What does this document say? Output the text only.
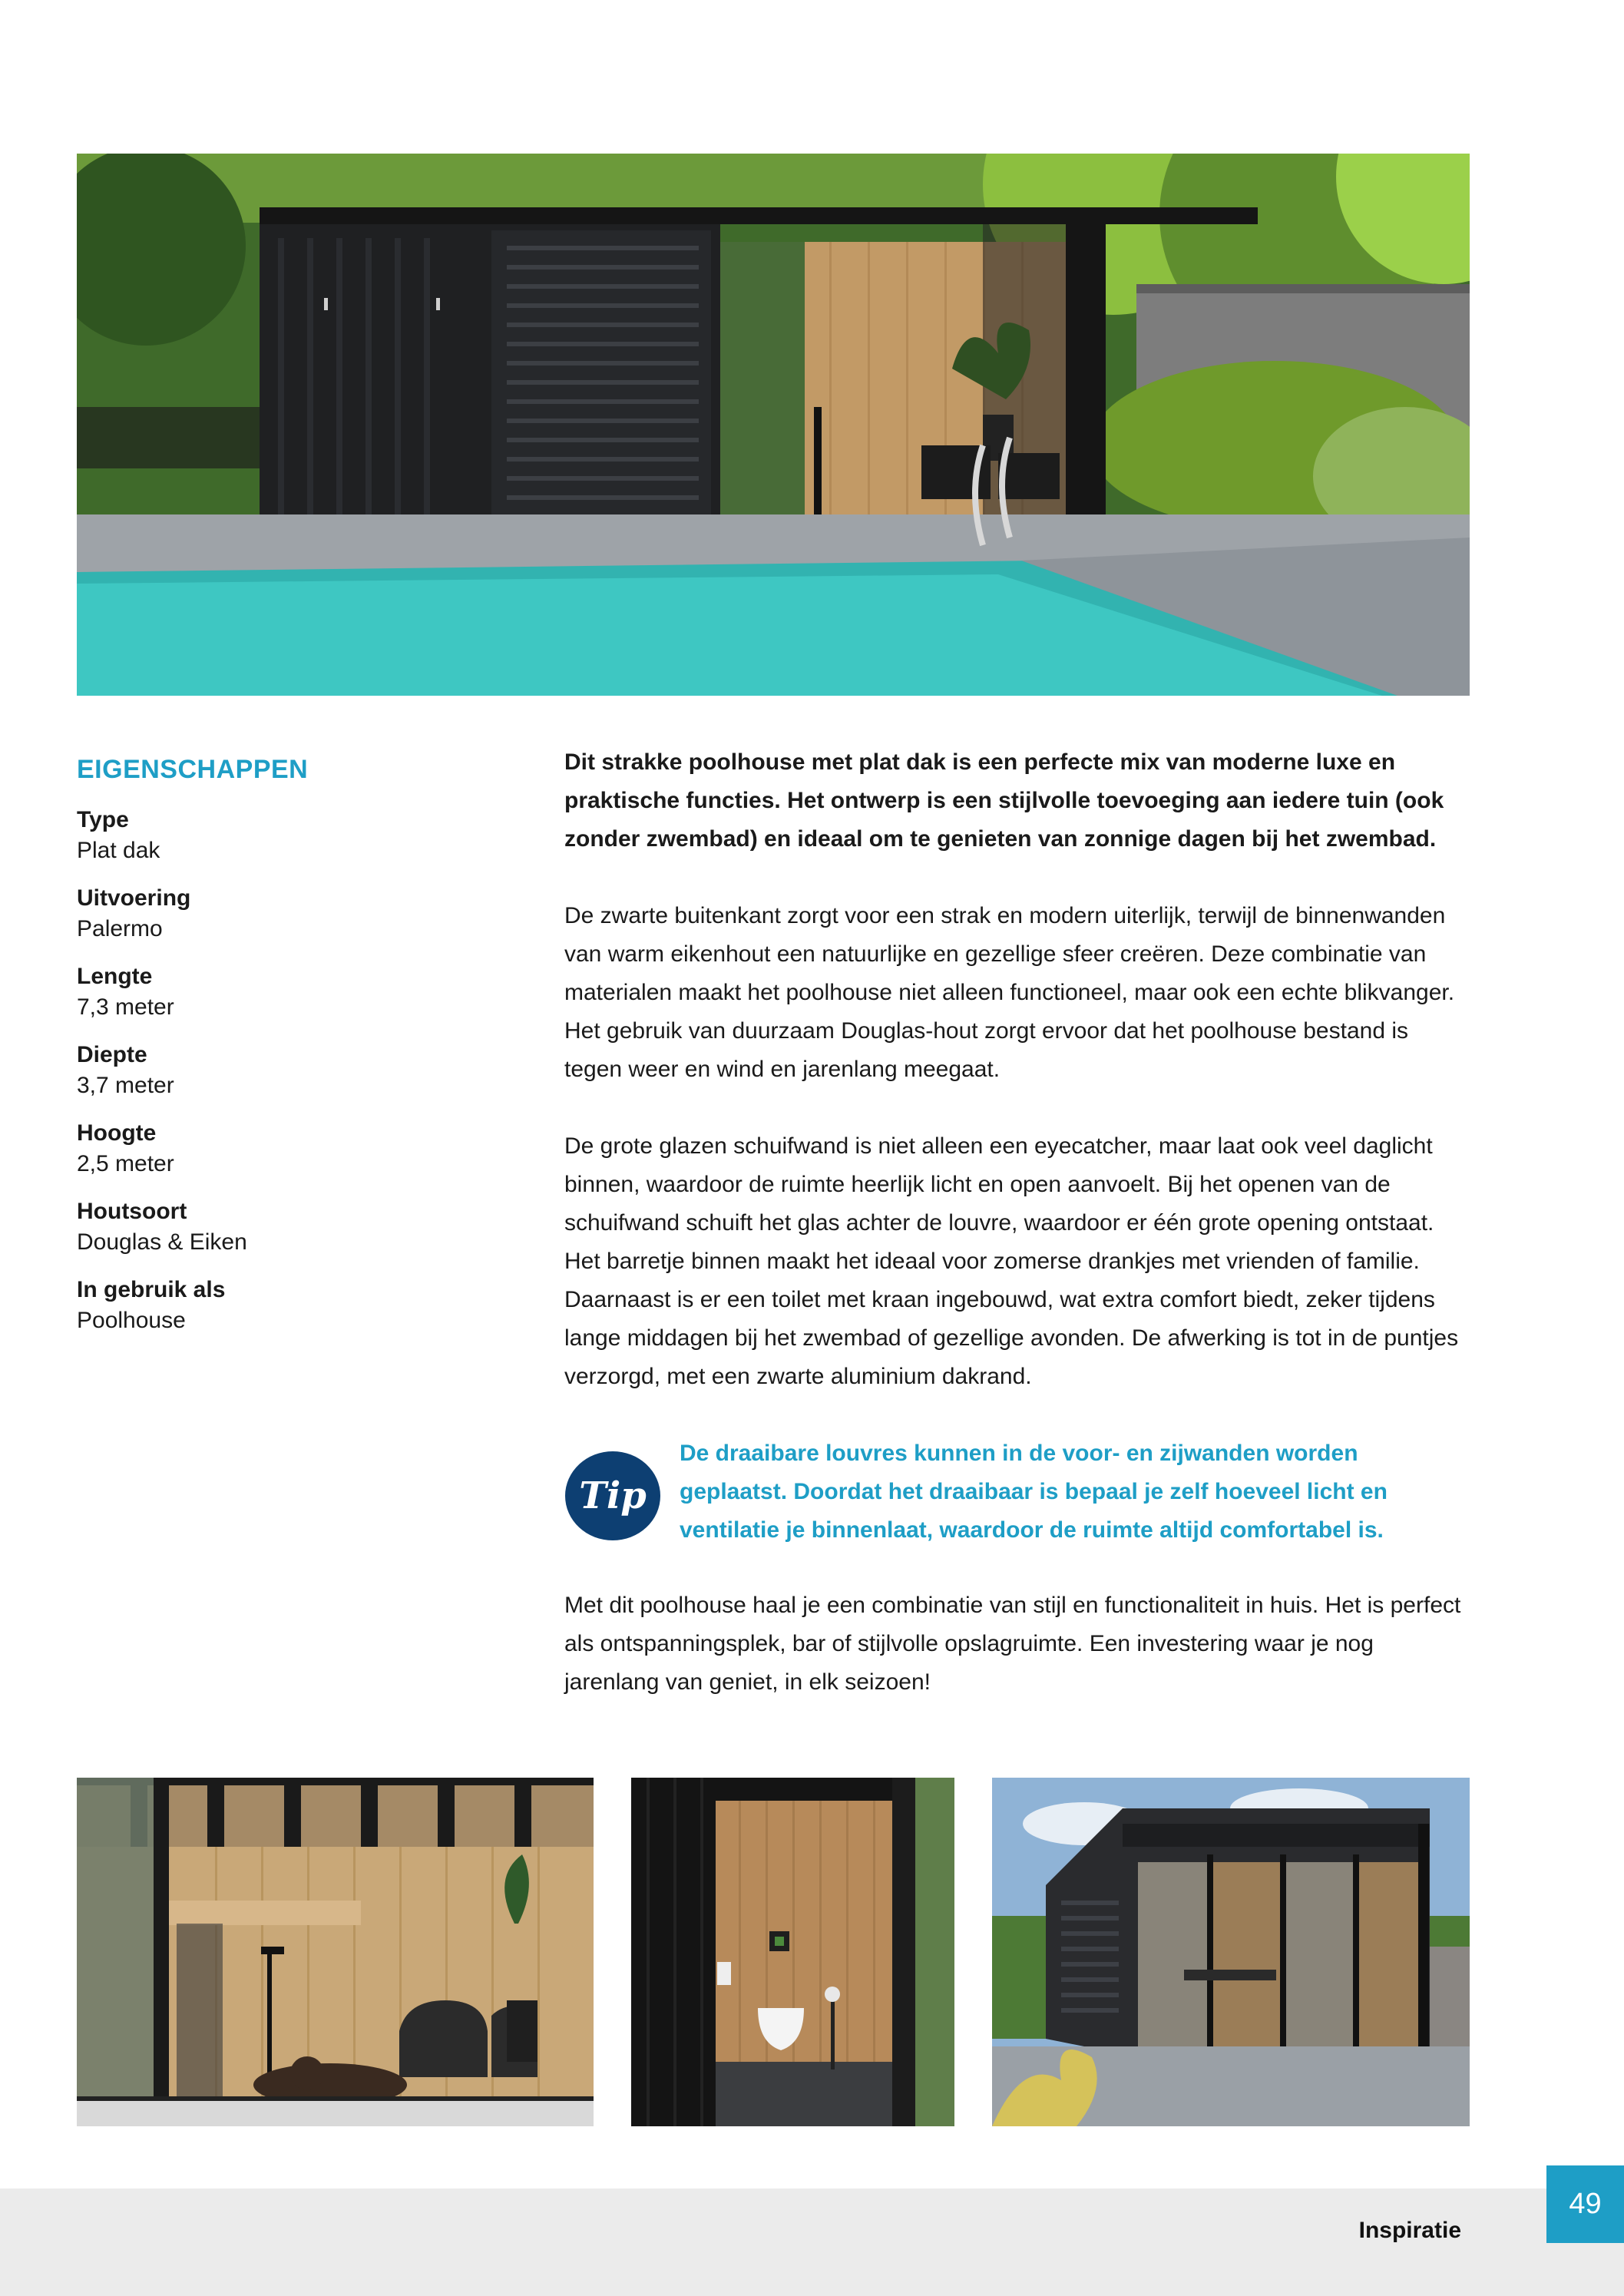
EIGENSCHAPPEN
Type
Plat dak
Uitvoering
Palermo
Lengte
7,3 meter
Diepte
3,7 meter
Hoogte
2,5 meter
Houtsoort
Douglas & Eiken
In gebruik als
Poolhouse

Dit strakke poolhouse met plat dak is een perfecte mix van moderne luxe en praktische functies. Het ontwerp is een stijlvolle toevoeging aan iedere tuin (ook zonder zwembad) en ideaal om te genieten van zonnige dagen bij het zwembad.

De zwarte buitenkant zorgt voor een strak en modern uiterlijk, terwijl de binnenwanden van warm eikenhout een natuurlijke en gezellige sfeer creëren. Deze combinatie van materialen maakt het poolhouse niet alleen functioneel, maar ook een echte blikvanger. Het gebruik van duurzaam Douglas-hout zorgt ervoor dat het poolhouse bestand is tegen weer en wind en jarenlang meegaat.

De grote glazen schuifwand is niet alleen een eyecatcher, maar laat ook veel daglicht binnen, waardoor de ruimte heerlijk licht en open aanvoelt. Bij het openen van de schuifwand schuift het glas achter de louvre, waardoor er één grote opening ontstaat. Het barretje binnen maakt het ideaal voor zomerse drankjes met vrienden of familie. Daarnaast is er een toilet met kraan ingebouwd, wat extra comfort biedt, zeker tijdens lange middagen bij het zwembad of gezellige avonden. De afwerking is tot in de puntjes verzorgd, met een zwarte aluminium dakrand.

Tip
De draaibare louvres kunnen in de voor- en zijwanden worden geplaatst. Doordat het draaibaar is bepaal je zelf hoeveel licht en ventilatie je binnenlaat, waardoor de ruimte altijd comfortabel is.

Met dit poolhouse haal je een combinatie van stijl en functionaliteit in huis. Het is perfect als ontspanningsplek, bar of stijlvolle opslagruimte. Een investering waar je nog jarenlang van geniet, in elk seizoen!

Inspiratie
49
